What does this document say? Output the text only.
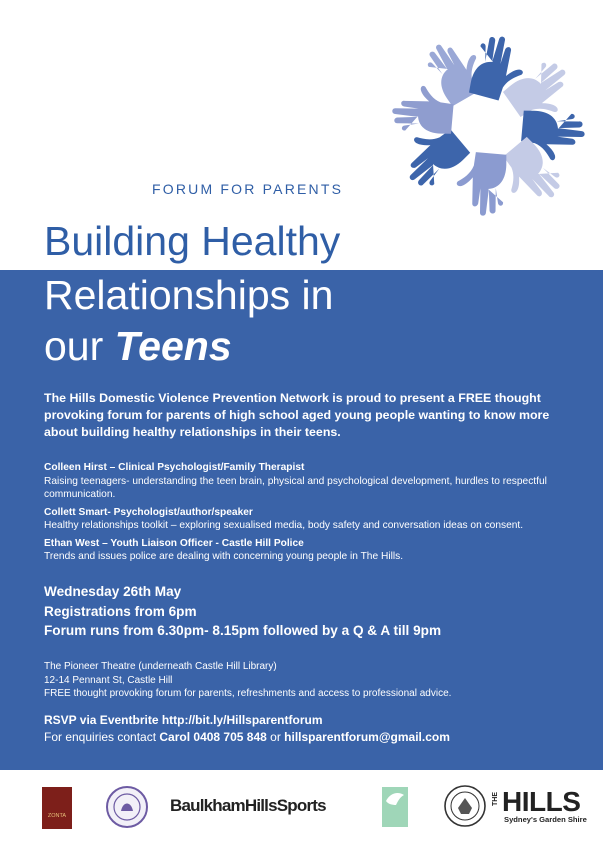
FORUM FOR PARENTS
Building Healthy
Relationships in
our Teens
The Hills Domestic Violence Prevention Network is proud to present a FREE thought provoking forum for parents of high school aged young people wanting to know more about building healthy relationships in their teens.
Colleen Hirst – Clinical Psychologist/Family Therapist
Raising teenagers- understanding the teen brain, physical and psychological development, hurdles to respectful communication.
Collett Smart- Psychologist/author/speaker
Healthy relationships toolkit – exploring sexualised media, body safety and conversation ideas on consent.
Ethan West – Youth Liaison Officer - Castle Hill Police
Trends and issues police are dealing with concerning young people in The Hills.
Wednesday 26th May
Registrations from 6pm
Forum runs from 6.30pm- 8.15pm followed by a Q & A till 9pm
The Pioneer Theatre (underneath Castle Hill Library)
12-14 Pennant St, Castle Hill
FREE thought provoking forum for parents, refreshments and access to professional advice.
RSVP via Eventbrite http://bit.ly/Hillsparentforum
For enquiries contact Carol 0408 705 848 or hillsparentforum@gmail.com
ZONTA
BaulkhamHillsSports
HILLS
THE HILLS
Sydney's Garden Shire
